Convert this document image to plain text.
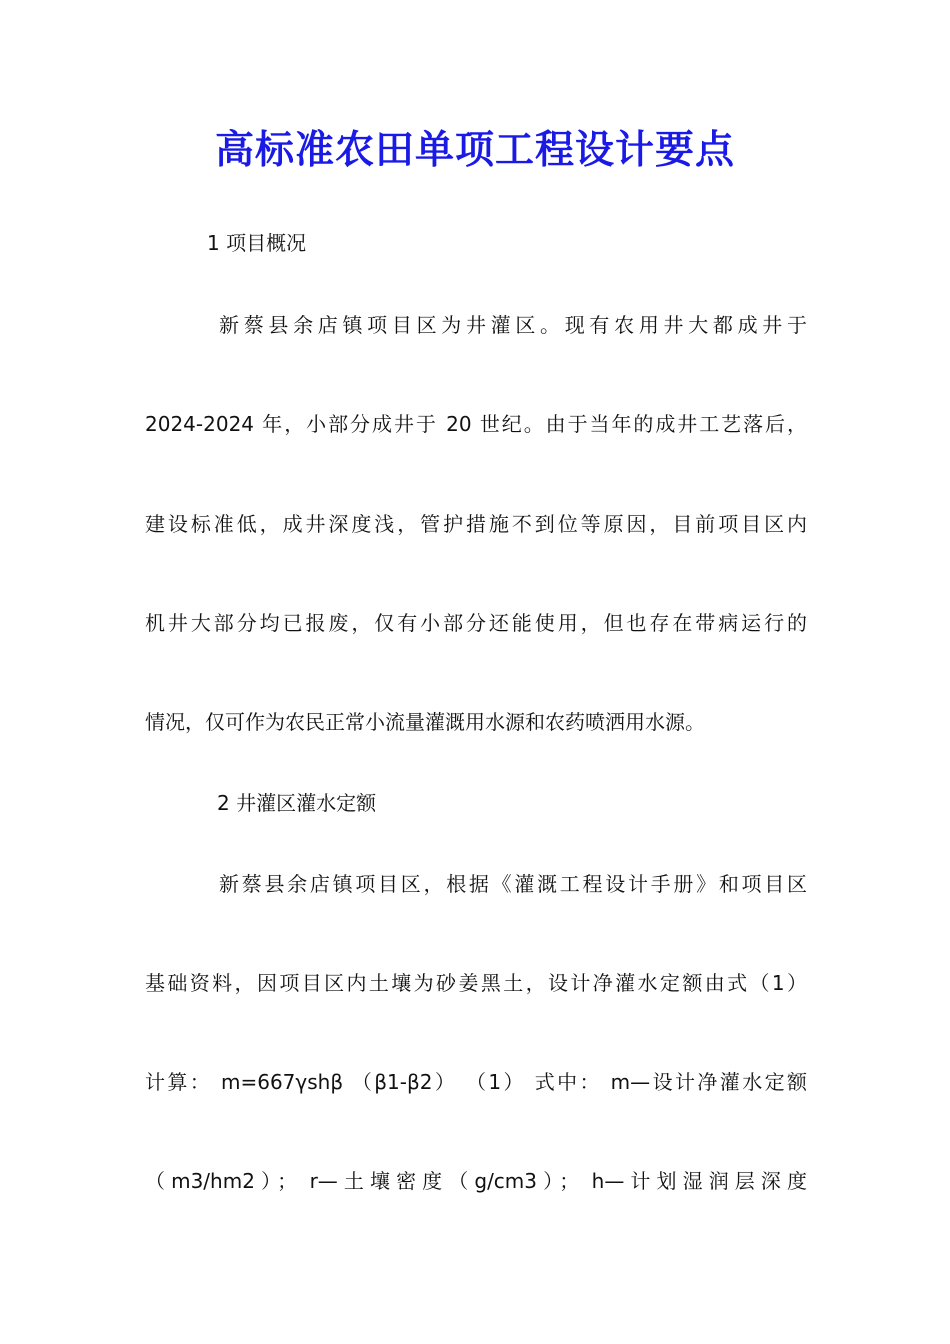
高标准农田单项工程设计要点

1 项目概况

新蔡县余店镇项目区为井灌区。现有农用井大都成井于

2024-2024 年，小部分成井于 20 世纪。由于当年的成井工艺落后，

建设标准低，成井深度浅，管护措施不到位等原因，目前项目区内

机井大部分均已报废，仅有小部分还能使用，但也存在带病运行的

情况，仅可作为农民正常小流量灌溉用水源和农药喷洒用水源。

2 井灌区灌水定额

新蔡县余店镇项目区，根据《灌溉工程设计手册》和项目区

基础资料，因项目区内土壤为砂姜黑土，设计净灌水定额由式（1）

计算： m=667γshβ （β1-β2） （1） 式中： m—设计净灌水定额

（m3/hm2）； r—土壤密度（g/cm3）； h—计划湿润层深度
